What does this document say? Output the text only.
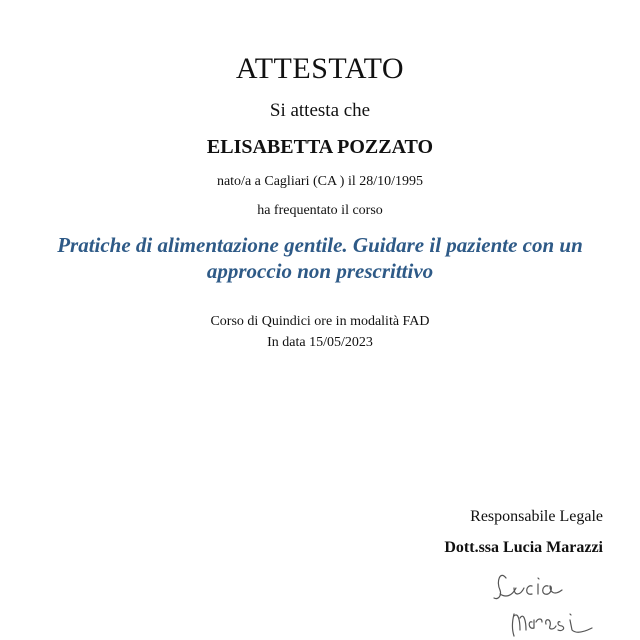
ATTESTATO
Si attesta che
ELISABETTA POZZATO
nato/a a Cagliari (CA ) il 28/10/1995
ha frequentato il corso
Pratiche di alimentazione gentile. Guidare il paziente con un
approccio non prescrittivo
Corso di Quindici ore in modalità FAD
In data 15/05/2023
Responsabile Legale
Dott.ssa Lucia Marazzi
